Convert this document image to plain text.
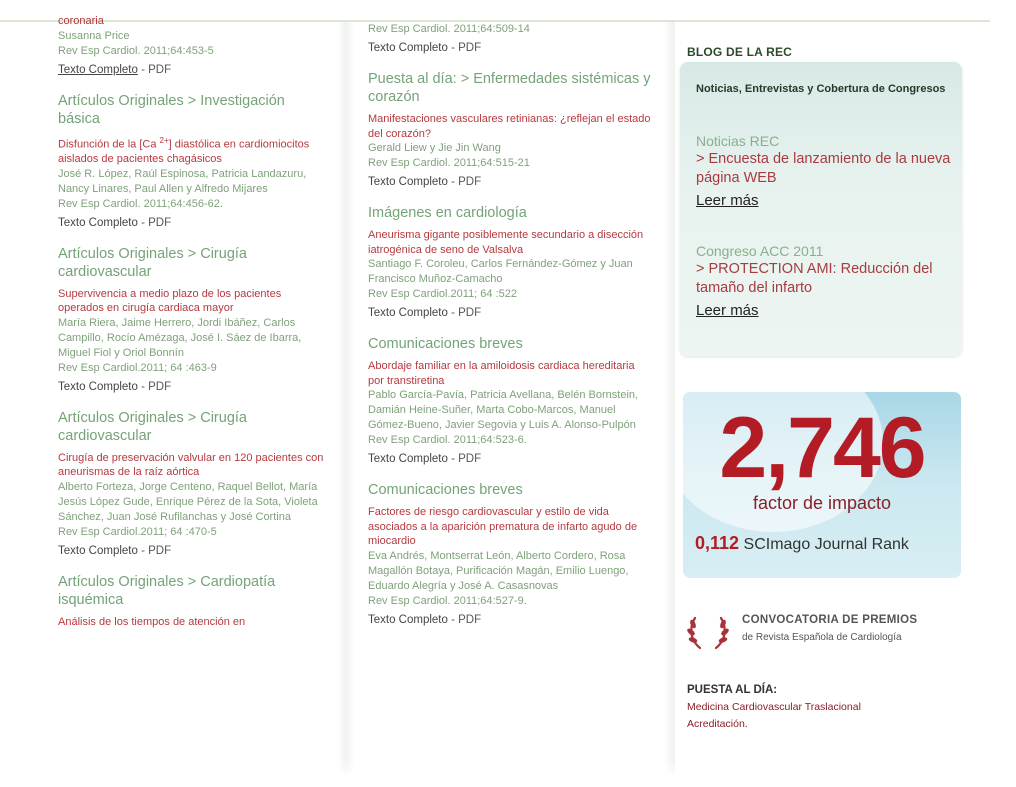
coronaria
Susanna Price
Rev Esp Cardiol. 2011;64:453-5
Texto Completo - PDF
Artículos Originales > Investigación básica
Disfunción de la [Ca $^{2+}$] diastólica en cardiomiocitos aislados de pacientes chagásicos
José R. López, Raúl Espinosa, Patricia Landazuru, Nancy Linares, Paul Allen y Alfredo Mijares
Rev Esp Cardiol. 2011;64:456-62.
Texto Completo - PDF
Artículos Originales > Cirugía cardiovascular
Supervivencia a medio plazo de los pacientes operados en cirugía cardiaca mayor
María Riera, Jaime Herrero, Jordi Ibáñez, Carlos Campillo, Rocío Amézaga, José I. Sáez de Ibarra, Miguel Fiol y Oriol Bonnín
Rev Esp Cardiol.2011; 64 :463-9
Texto Completo - PDF
Artículos Originales > Cirugía cardiovascular
Cirugía de preservación valvular en 120 pacientes con aneurismas de la raíz aórtica
Alberto Forteza, Jorge Centeno, Raquel Bellot, María Jesús López Gude, Enrique Pérez de la Sota, Violeta Sánchez, Juan José Rufilanchas y José Cortina
Rev Esp Cardiol.2011; 64 :470-5
Texto Completo - PDF
Artículos Originales > Cardiopatía isquémica
Análisis de los tiempos de atención en
Rev Esp Cardiol. 2011;64:509-14
Texto Completo - PDF
Puesta al día: > Enfermedades sistémicas y corazón
Manifestaciones vasculares retinianas: ¿reflejan el estado del corazón?
Gerald Liew y Jie Jin Wang
Rev Esp Cardiol. 2011;64:515-21
Texto Completo - PDF
Imágenes en cardiología
Aneurisma gigante posiblemente secundario a disección iatrogénica de seno de Valsalva
Santiago F. Coroleu, Carlos Fernández-Gómez y Juan Francisco Muñoz-Camacho
Rev Esp Cardiol.2011; 64 :522
Texto Completo - PDF
Comunicaciones breves
Abordaje familiar en la amiloidosis cardiaca hereditaria por transtiretina
Pablo García-Pavía, Patricia Avellana, Belén Bornstein, Damián Heine-Suñer, Marta Cobo-Marcos, Manuel Gómez-Bueno, Javier Segovia y Luis A. Alonso-Pulpón
Rev Esp Cardiol. 2011;64:523-6.
Texto Completo - PDF
Comunicaciones breves
Factores de riesgo cardiovascular y estilo de vida asociados a la aparición prematura de infarto agudo de miocardio
Eva Andrés, Montserrat León, Alberto Cordero, Rosa Magallón Botaya, Purificación Magán, Emilio Luengo, Eduardo Alegría y José A. Casasnovas
Rev Esp Cardiol. 2011;64:527-9.
Texto Completo - PDF
BLOG DE LA REC
Noticias, Entrevistas y Cobertura de Congresos
Noticias REC
> Encuesta de lanzamiento de la nueva página WEB
Leer más
Congreso ACC 2011
> PROTECTION AMI: Reducción del tamaño del infarto
Leer más
2,746
factor de impacto
0,112 SCImago Journal Rank
CONVOCATORIA DE PREMIOS
de Revista Española de Cardiología
PUESTA AL DÍA:
Medicina Cardiovascular Traslacional
Acreditación.
